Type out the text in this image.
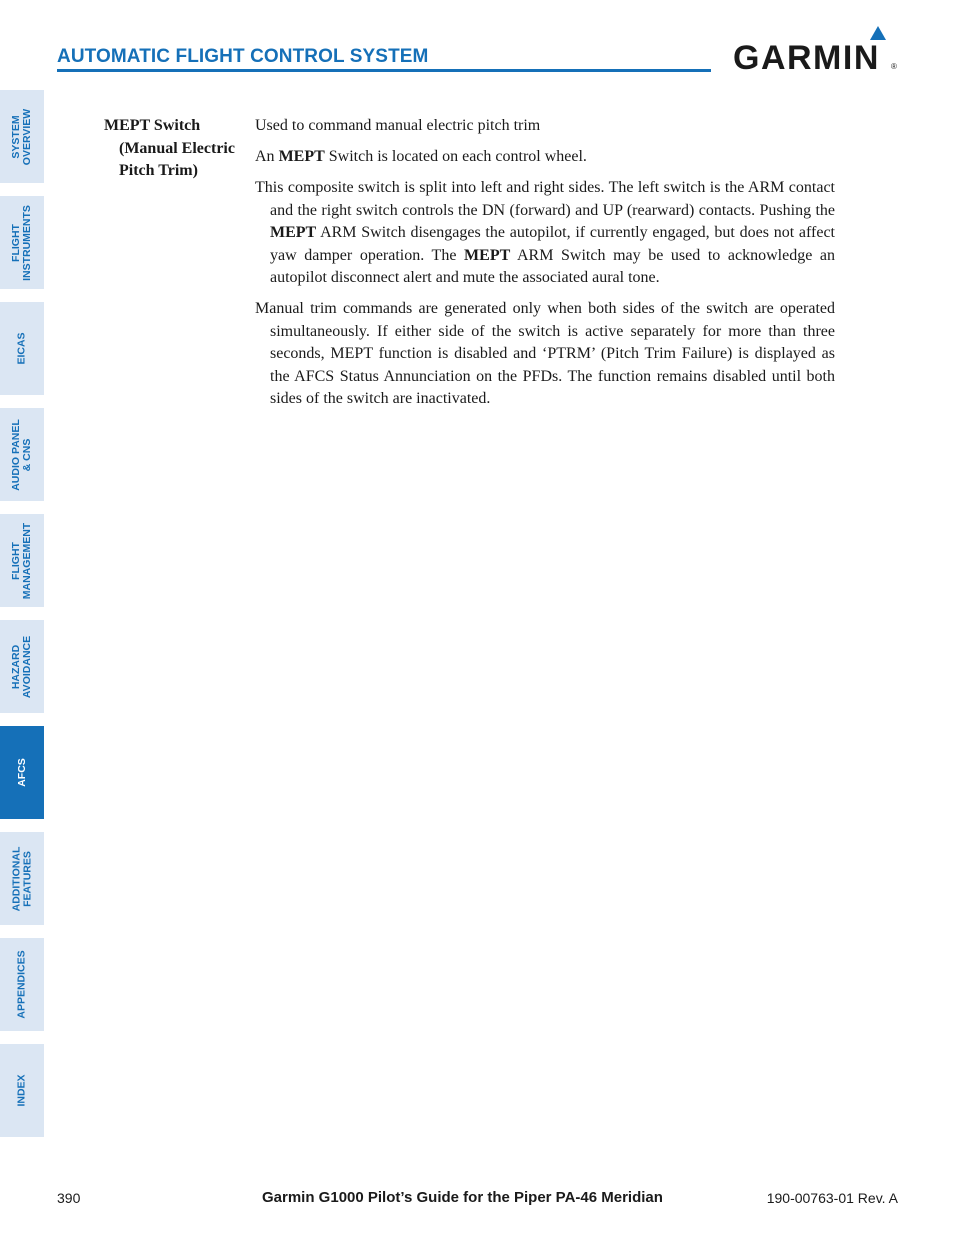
AUTOMATIC FLIGHT CONTROL SYSTEM	GARMIN ®
SYSTEM OVERVIEW
FLIGHT INSTRUMENTS
EICAS
AUDIO PANEL & CNS
FLIGHT MANAGEMENT
HAZARD AVOIDANCE
AFCS
ADDITIONAL FEATURES
APPENDICES
INDEX
MEPT Switch
(Manual Electric
Pitch Trim)

Used to command manual electric pitch trim

An MEPT Switch is located on each control wheel.

This composite switch is split into left and right sides. The left switch is the ARM contact and the right switch controls the DN (forward) and UP (rearward) contacts. Pushing the MEPT ARM Switch disengages the autopilot, if currently engaged, but does not affect yaw damper operation. The MEPT ARM Switch may be used to acknowledge an autopilot disconnect alert and mute the associated aural tone.

Manual trim commands are generated only when both sides of the switch are operated simultaneously. If either side of the switch is active separately for more than three seconds, MEPT function is disabled and ‘PTRM’ (Pitch Trim Failure) is displayed as the AFCS Status Annunciation on the PFDs. The function remains disabled until both sides of the switch are inactivated.

390	Garmin G1000 Pilot’s Guide for the Piper PA-46 Meridian	190-00763-01 Rev. A
